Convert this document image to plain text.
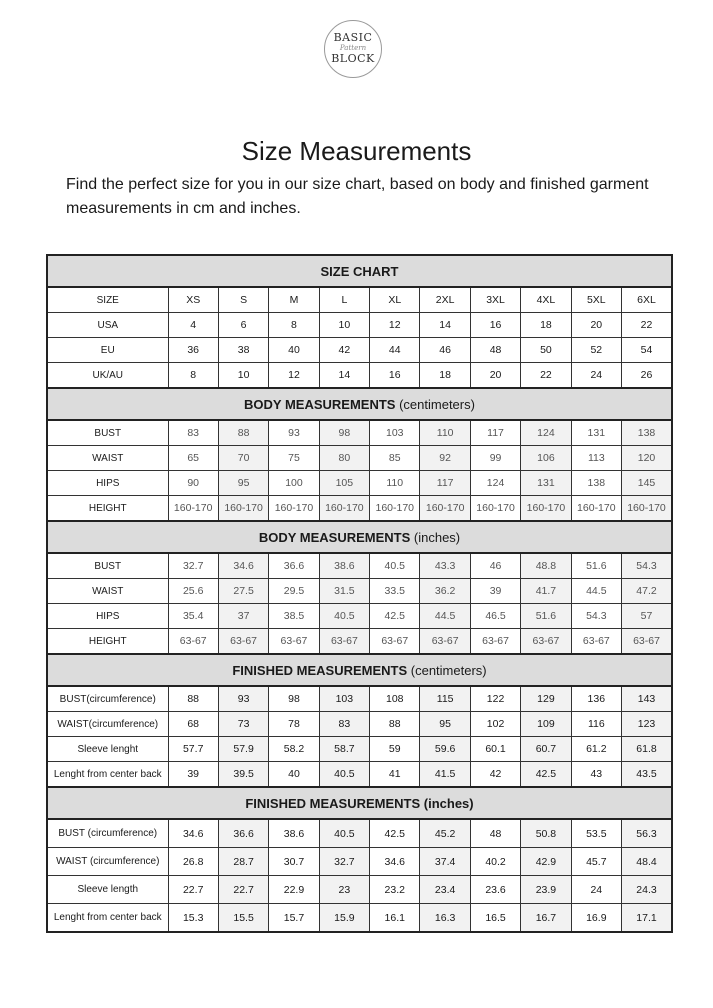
BASIC
Pattern
BLOCK
Size Measurements
Find the perfect size for you in our size chart, based on body and finished garment measurements in cm and inches.
SIZE CHART										
SIZE	XS	S	M	L	XL	2XL	3XL	4XL	5XL	6XL
USA	4	6	8	10	12	14	16	18	20	22
EU	36	38	40	42	44	46	48	50	52	54
UK/AU	8	10	12	14	16	18	20	22	24	26
BODY MEASUREMENTS (centimeters)										
BUST	83	88	93	98	103	110	117	124	131	138
WAIST	65	70	75	80	85	92	99	106	113	120
HIPS	90	95	100	105	110	117	124	131	138	145
HEIGHT	160-170	160-170	160-170	160-170	160-170	160-170	160-170	160-170	160-170	160-170
BODY MEASUREMENTS (inches)										
BUST	32.7	34.6	36.6	38.6	40.5	43.3	46	48.8	51.6	54.3
WAIST	25.6	27.5	29.5	31.5	33.5	36.2	39	41.7	44.5	47.2
HIPS	35.4	37	38.5	40.5	42.5	44.5	46.5	51.6	54.3	57
HEIGHT	63-67	63-67	63-67	63-67	63-67	63-67	63-67	63-67	63-67	63-67
FINISHED MEASUREMENTS (centimeters)										
BUST(circumference)	88	93	98	103	108	115	122	129	136	143
WAIST(circumference)	68	73	78	83	88	95	102	109	116	123
Sleeve lenght	57.7	57.9	58.2	58.7	59	59.6	60.1	60.7	61.2	61.8
Lenght from center back	39	39.5	40	40.5	41	41.5	42	42.5	43	43.5
FINISHED MEASUREMENTS (inches)										
BUST (circumference)	34.6	36.6	38.6	40.5	42.5	45.2	48	50.8	53.5	56.3
WAIST (circumference)	26.8	28.7	30.7	32.7	34.6	37.4	40.2	42.9	45.7	48.4
Sleeve length	22.7	22.7	22.9	23	23.2	23.4	23.6	23.9	24	24.3
Lenght from center back	15.3	15.5	15.7	15.9	16.1	16.3	16.5	16.7	16.9	17.1
